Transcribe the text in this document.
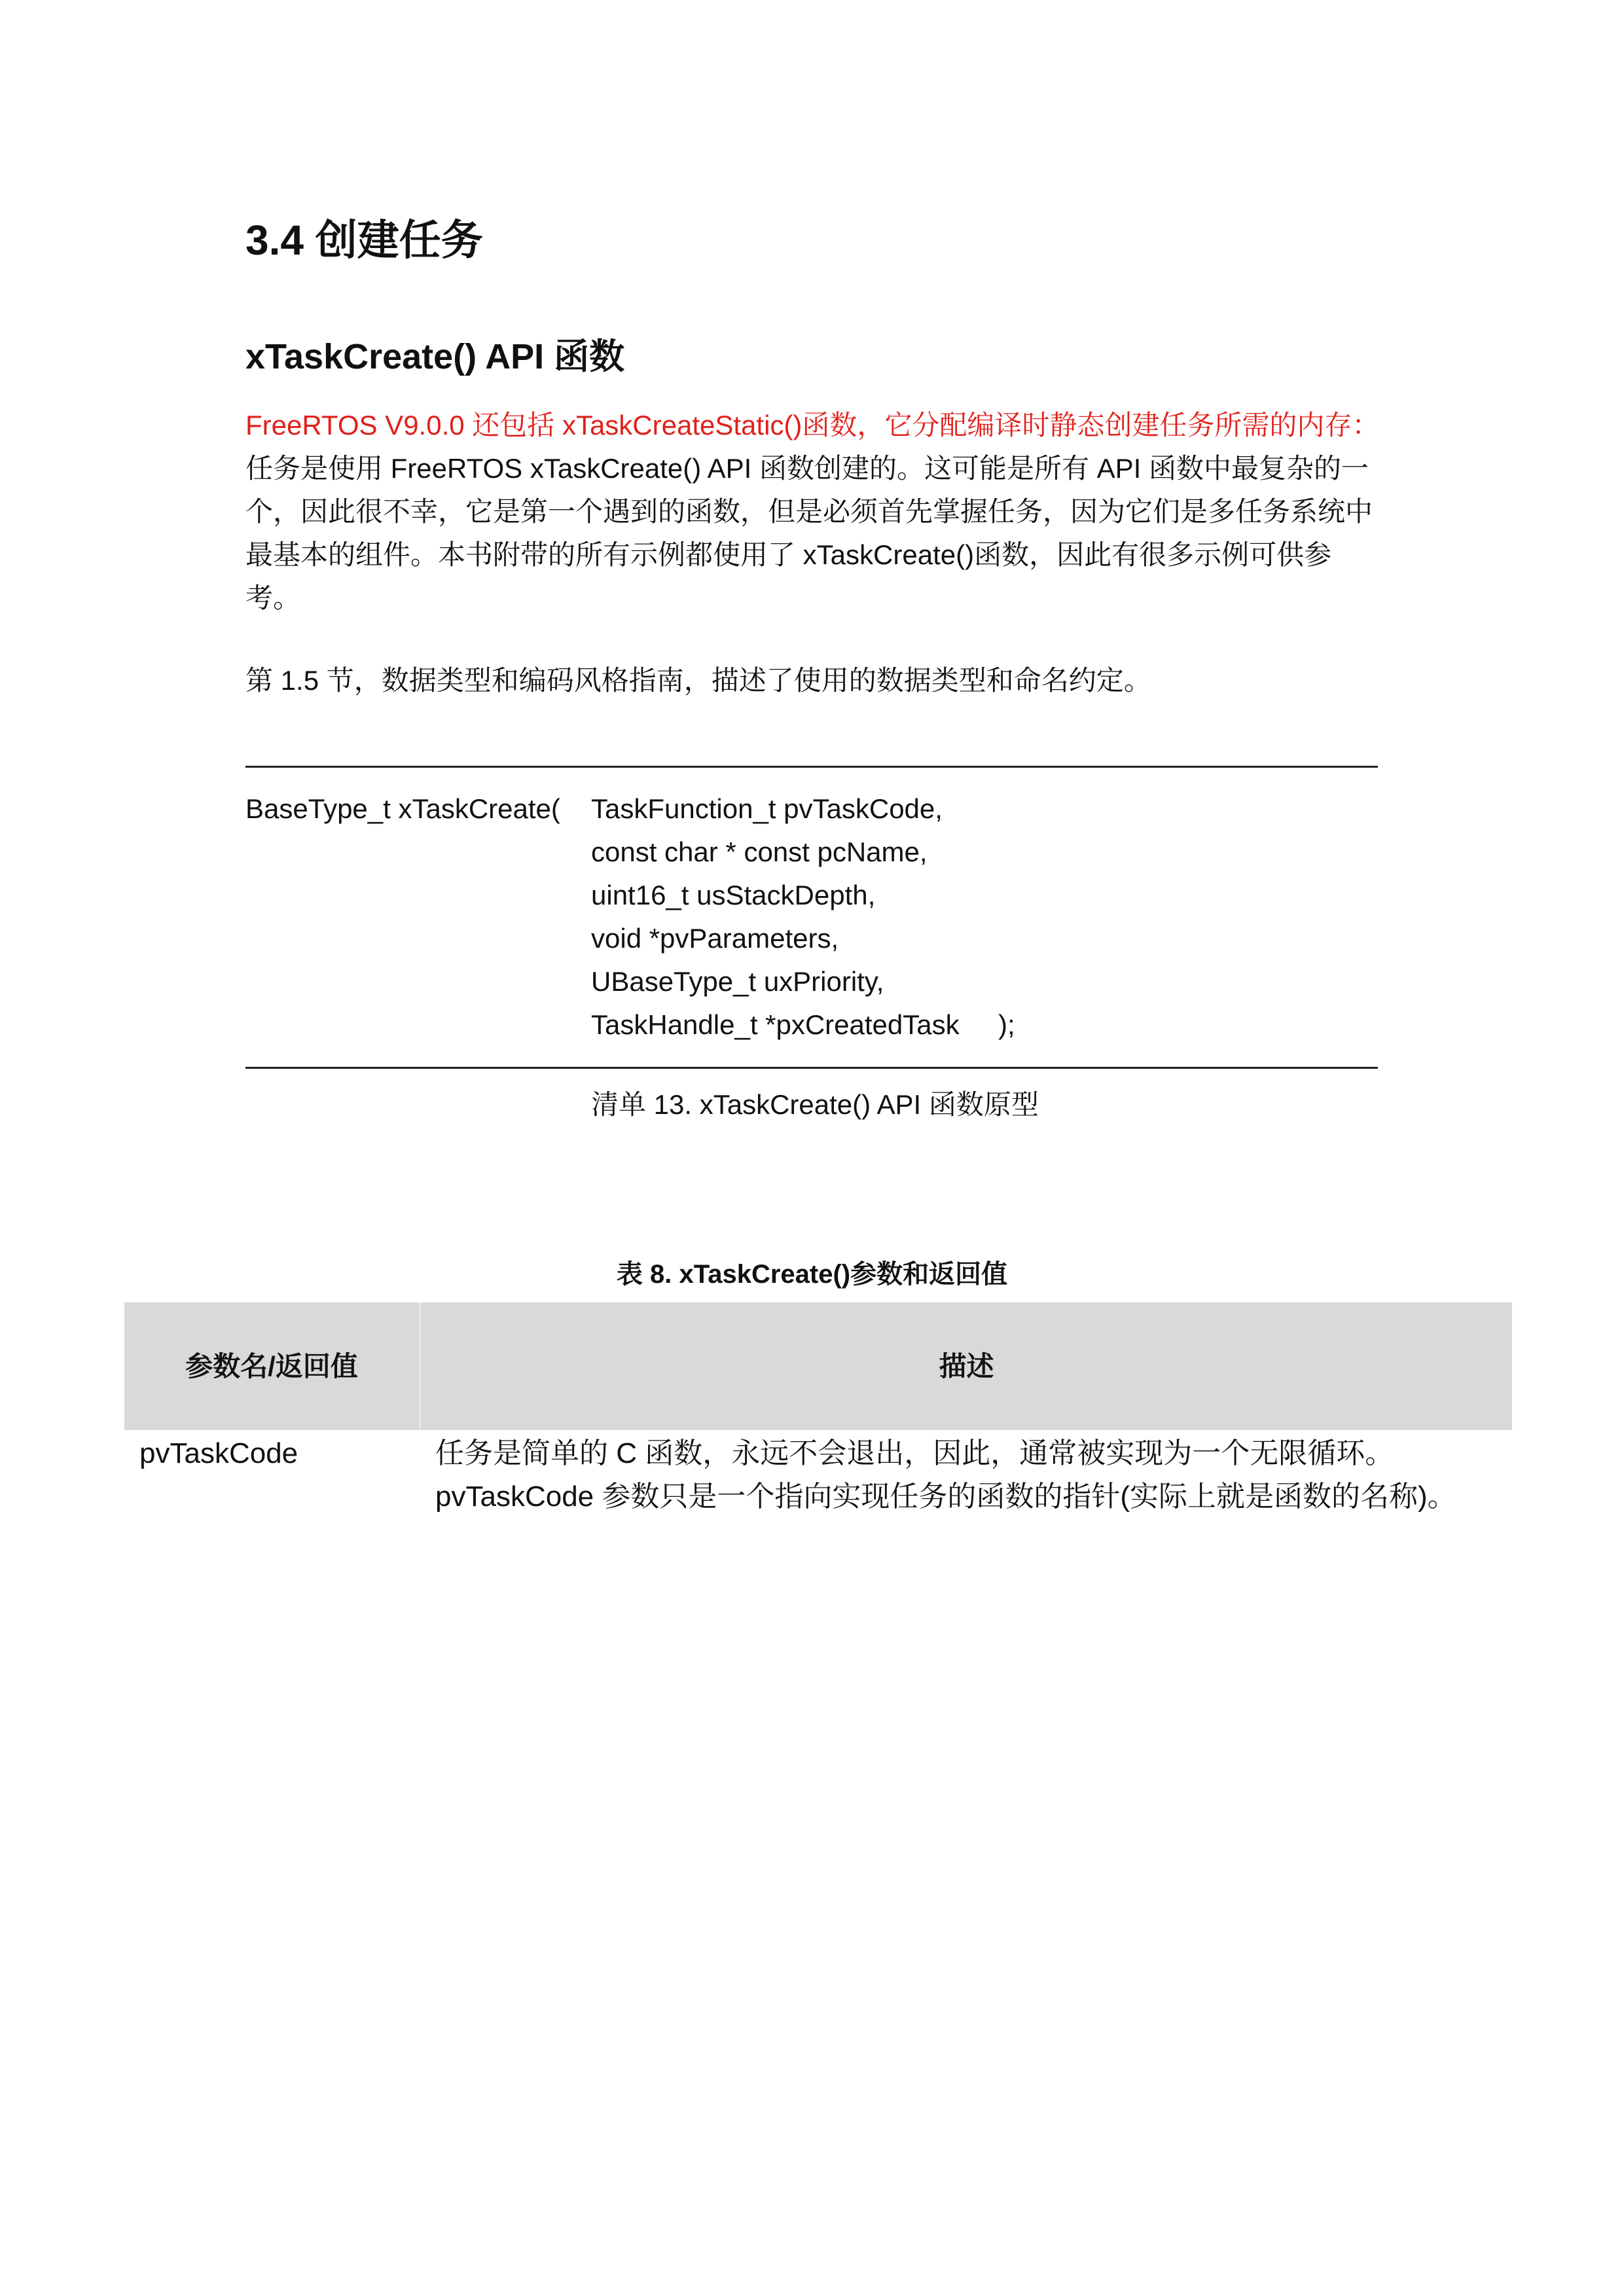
3.4 创建任务
xTaskCreate() API 函数
FreeRTOS V9.0.0 还包括 xTaskCreateStatic()函数，它分配编译时静态创建任务所需的内存：任务是使用 FreeRTOS xTaskCreate() API 函数创建的。这可能是所有 API 函数中最复杂的一个，因此很不幸，它是第一个遇到的函数，但是必须首先掌握任务，因为它们是多任务系统中最基本的组件。本书附带的所有示例都使用了 xTaskCreate()函数，因此有很多示例可供参考。
第 1.5 节，数据类型和编码风格指南，描述了使用的数据类型和命名约定。
BaseType_t xTaskCreate( TaskFunction_t pvTaskCode,
const char * const pcName,
uint16_t usStackDepth,
void *pvParameters,
UBaseType_t uxPriority,
TaskHandle_t *pxCreatedTask );
清单 13. xTaskCreate() API 函数原型
表 8. xTaskCreate()参数和返回值
参数名/返回值	描述
pvTaskCode	任务是简单的 C 函数，永远不会退出，因此，通常被实现为一个无限循环。
pvTaskCode 参数只是一个指向实现任务的函数的指针(实际上就是函数的名称)。
